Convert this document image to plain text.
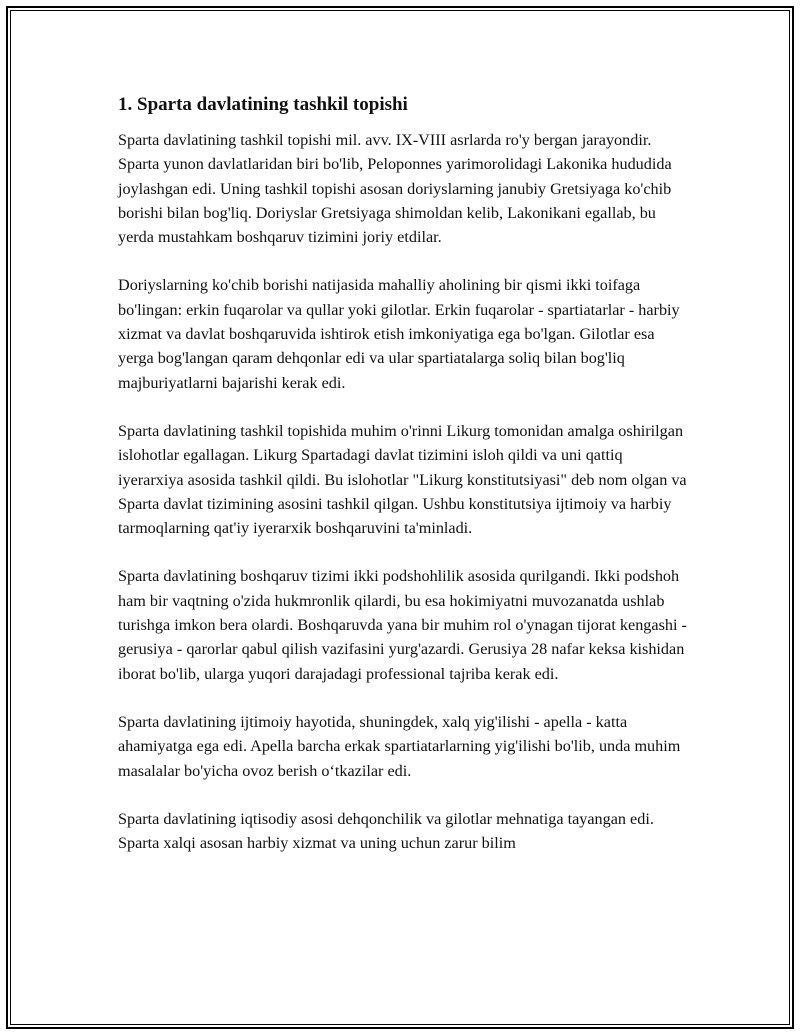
1. Sparta davlatining tashkil topishi

Sparta davlatining tashkil topishi mil. avv. IX-VIII asrlarda ro'y bergan jarayondir. Sparta yunon davlatlaridan biri bo'lib, Peloponnes yarimorolidagi Lakonika hududida joylashgan edi. Uning tashkil topishi asosan doriyslarning janubiy Gretsiyaga ko'chib borishi bilan bog'liq. Doriyslar Gretsiyaga shimoldan kelib, Lakonikani egallab, bu yerda mustahkam boshqaruv tizimini joriy etdilar.

Doriyslarning ko'chib borishi natijasida mahalliy aholining bir qismi ikki toifaga bo'lingan: erkin fuqarolar va qullar yoki gilotlar. Erkin fuqarolar - spartiatarlar - harbiy xizmat va davlat boshqaruvida ishtirok etish imkoniyatiga ega bo'lgan. Gilotlar esa yerga bog'langan qaram dehqonlar edi va ular spartiatalarga soliq bilan bog'liq majburiyatlarni bajarishi kerak edi.

Sparta davlatining tashkil topishida muhim o'rinni Likurg tomonidan amalga oshirilgan islohotlar egallagan. Likurg Spartadagi davlat tizimini isloh qildi va uni qattiq iyerarxiya asosida tashkil qildi. Bu islohotlar "Likurg konstitutsiyasi" deb nom olgan va Sparta davlat tizimining asosini tashkil qilgan. Ushbu konstitutsiya ijtimoiy va harbiy tarmoqlarning qat'iy iyerarxik boshqaruvini ta'minladi.

Sparta davlatining boshqaruv tizimi ikki podshohlilik asosida qurilgandi. Ikki podshoh ham bir vaqtning o'zida hukmronlik qilardi, bu esa hokimiyatni muvozanatda ushlab turishga imkon bera olardi. Boshqaruvda yana bir muhim rol o'ynagan tijorat kengashi - gerusiya - qarorlar qabul qilish vazifasini yurg'azardi. Gerusiya 28 nafar keksa kishidan iborat bo'lib, ularga yuqori darajadagi professional tajriba kerak edi.

Sparta davlatining ijtimoiy hayotida, shuningdek, xalq yig'ilishi - apella - katta ahamiyatga ega edi. Apella barcha erkak spartiatarlarning yig'ilishi bo'lib, unda muhim masalalar bo'yicha ovoz berish o‘tkazilar edi.

Sparta davlatining iqtisodiy asosi dehqonchilik va gilotlar mehnatiga tayangan edi. Sparta xalqi asosan harbiy xizmat va uning uchun zarur bilim
